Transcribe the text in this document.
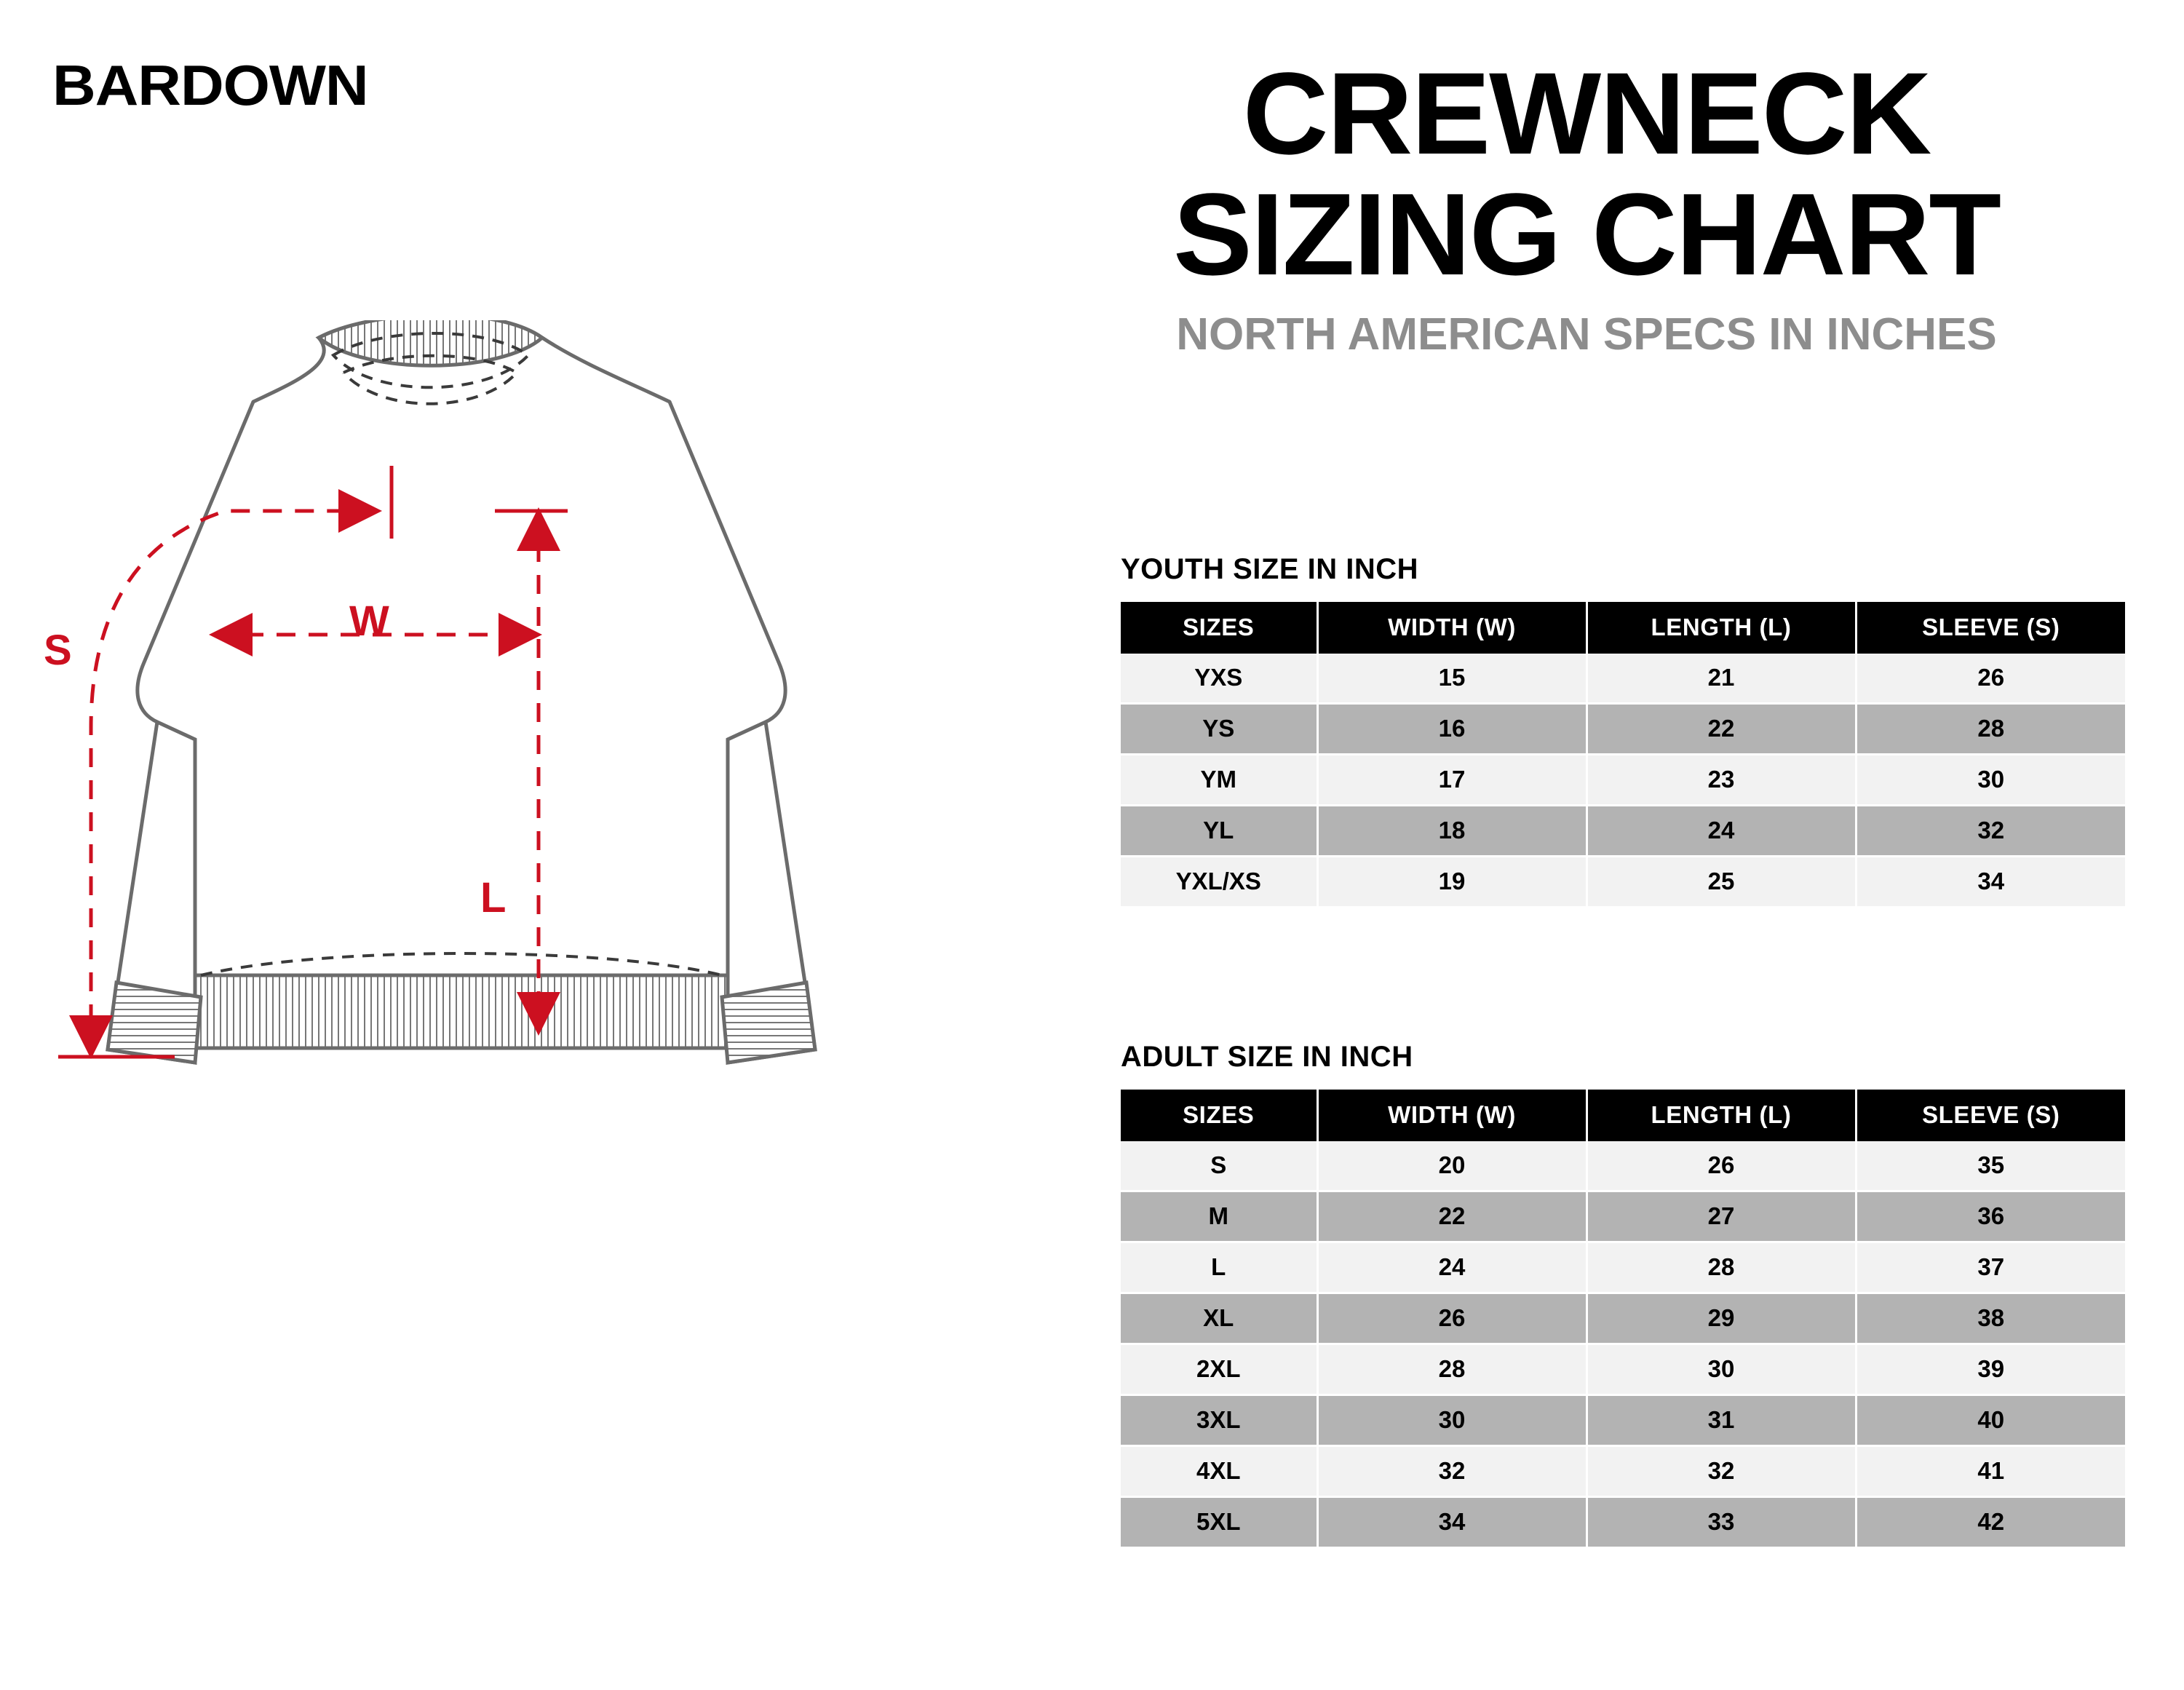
BARDOWN	CREWNECK
SIZING CHART
NORTH AMERICAN SPECS IN INCHES
S
W
L
YOUTH SIZE IN INCH
SIZES	WIDTH (W)	LENGTH (L)	SLEEVE (S)
YXS	15	21	26
YS	16	22	28
YM	17	23	30
YL	18	24	32
YXL/XS	19	25	34
ADULT SIZE IN INCH
SIZES	WIDTH (W)	LENGTH (L)	SLEEVE (S)
S	20	26	35
M	22	27	36
L	24	28	37
XL	26	29	38
2XL	28	30	39
3XL	30	31	40
4XL	32	32	41
5XL	34	33	42
